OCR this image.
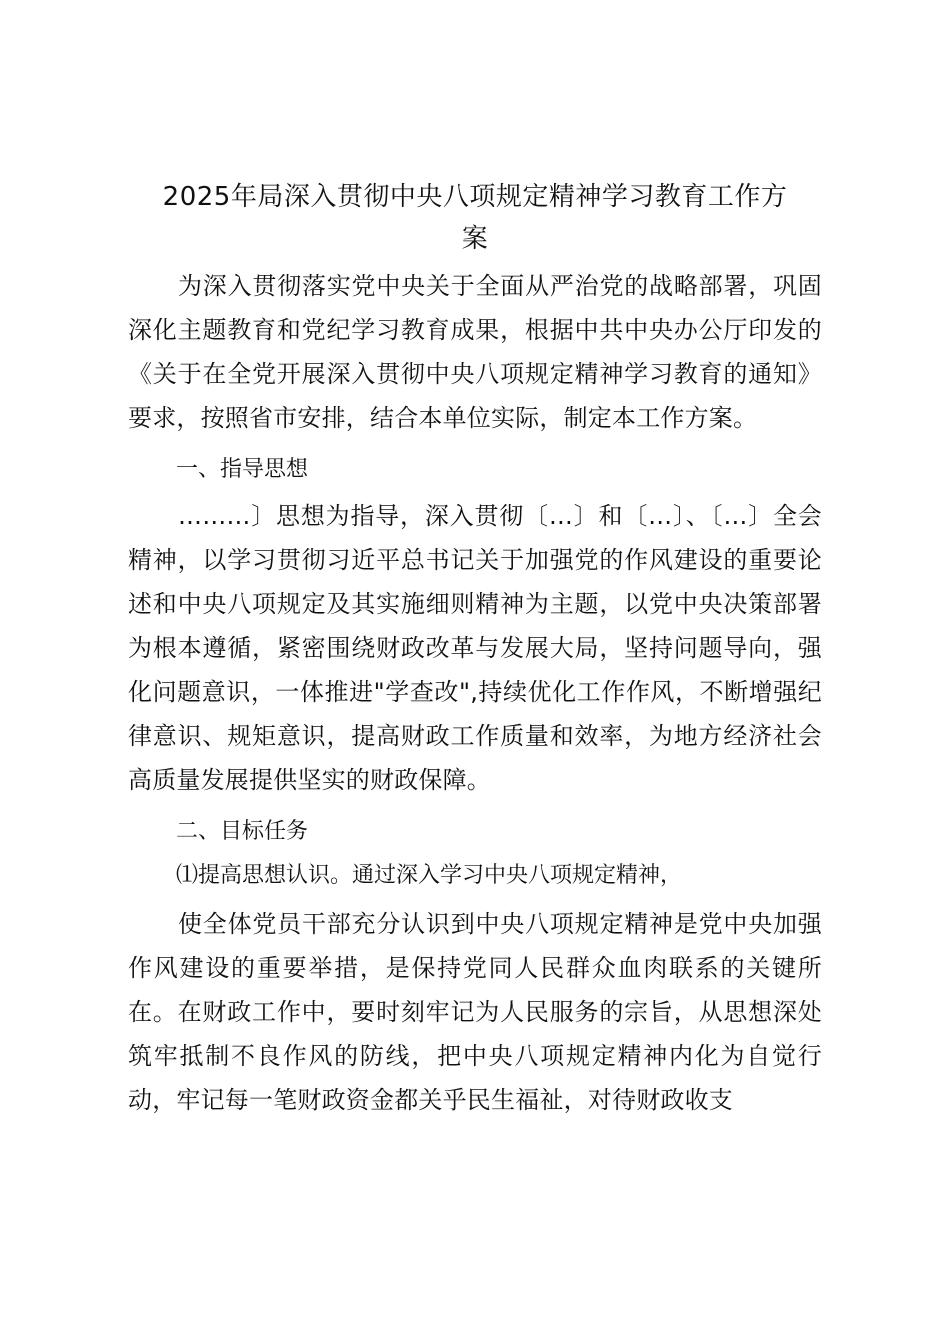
2025年局深入贯彻中央八项规定精神学习教育工作方
案

为深入贯彻落实党中央关于全面从严治党的战略部署，巩固深化主题教育和党纪学习教育成果，根据中共中央办公厅印发的《关于在全党开展深入贯彻中央八项规定精神学习教育的通知》要求，按照省市安排，结合本单位实际，制定本工作方案。

一、指导思想

………〕思想为指导，深入贯彻〔…〕和〔…〕、〔…〕全会精神，以学习贯彻习近平总书记关于加强党的作风建设的重要论述和中央八项规定及其实施细则精神为主题，以党中央决策部署为根本遵循，紧密围绕财政改革与发展大局，坚持问题导向，强化问题意识，一体推进"学查改",持续优化工作作风，不断增强纪律意识、规矩意识，提高财政工作质量和效率，为地方经济社会高质量发展提供坚实的财政保障。

二、目标任务
⑴提高思想认识。通过深入学习中央八项规定精神，

使全体党员干部充分认识到中央八项规定精神是党中央加强作风建设的重要举措，是保持党同人民群众血肉联系的关键所在。在财政工作中，要时刻牢记为人民服务的宗旨，从思想深处筑牢抵制不良作风的防线，把中央八项规定精神内化为自觉行动，牢记每一笔财政资金都关乎民生福祉，对待财政收支
